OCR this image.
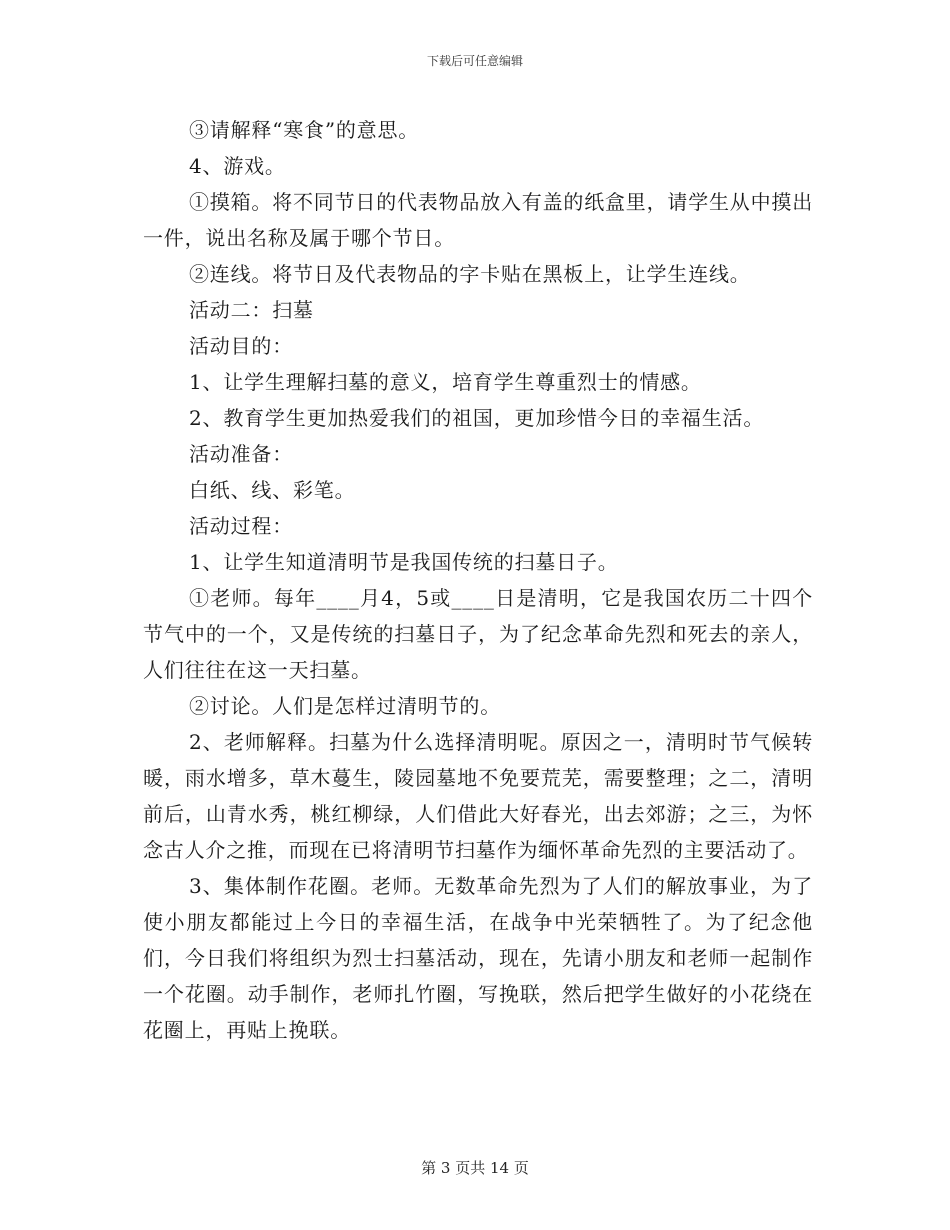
下载后可任意编辑

③请解释“寒食”的意思。

4、游戏。

①摸箱。将不同节日的代表物品放入有盖的纸盒里，请学生从中摸出一件，说出名称及属于哪个节日。

②连线。将节日及代表物品的字卡贴在黑板上，让学生连线。

活动二：扫墓

活动目的：

1、让学生理解扫墓的意义，培育学生尊重烈士的情感。

2、教育学生更加热爱我们的祖国，更加珍惜今日的幸福生活。

活动准备：

白纸、线、彩笔。

活动过程：

1、让学生知道清明节是我国传统的扫墓日子。

①老师。每年____月4，5或____日是清明，它是我国农历二十四个节气中的一个，又是传统的扫墓日子，为了纪念革命先烈和死去的亲人，人们往往在这一天扫墓。

②讨论。人们是怎样过清明节的。

2、老师解释。扫墓为什么选择清明呢。原因之一，清明时节气候转暖，雨水增多，草木蔓生，陵园墓地不免要荒芜，需要整理；之二，清明前后，山青水秀，桃红柳绿，人们借此大好春光，出去郊游；之三，为怀念古人介之推，而现在已将清明节扫墓作为缅怀革命先烈的主要活动了。

3、集体制作花圈。老师。无数革命先烈为了人们的解放事业，为了使小朋友都能过上今日的幸福生活，在战争中光荣牺牲了。为了纪念他们，今日我们将组织为烈士扫墓活动，现在，先请小朋友和老师一起制作一个花圈。动手制作，老师扎竹圈，写挽联，然后把学生做好的小花绕在花圈上，再贴上挽联。

第 3 页共 14 页
